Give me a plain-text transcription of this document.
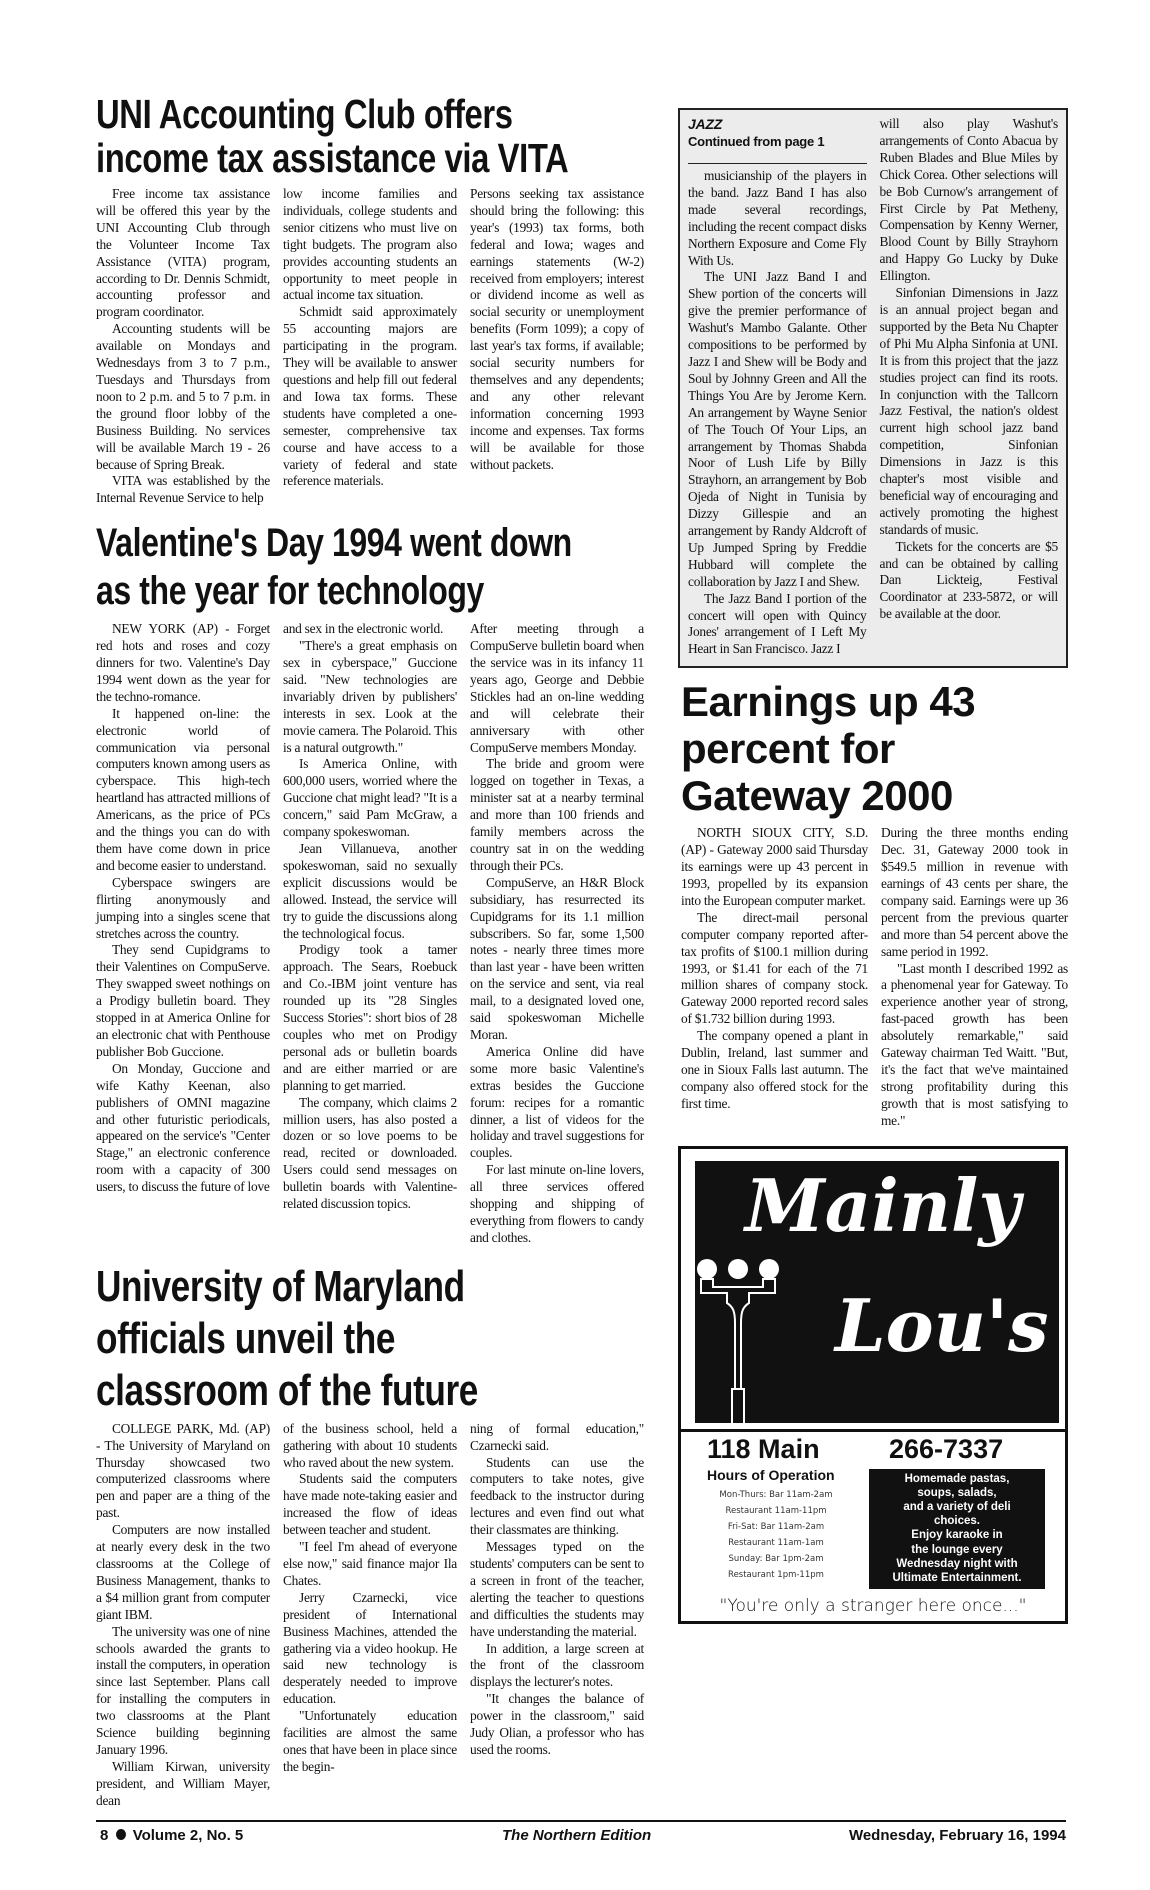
UNI Accounting Club offers
income tax assistance via VITA

Free income tax assistance will be offered this year by the UNI Accounting Club through the Volunteer Income Tax Assistance (VITA) program, according to Dr. Dennis Schmidt, accounting professor and program coordinator.

Accounting students will be available on Mondays and Wednesdays from 3 to 7 p.m., Tuesdays and Thursdays from noon to 2 p.m. and 5 to 7 p.m. in the ground floor lobby of the Business Building. No services will be available March 19 - 26 because of Spring Break.

VITA was established by the Internal Revenue Service to help

low income families and individuals, college students and senior citizens who must live on tight budgets. The program also provides accounting students an opportunity to meet people in actual income tax situation.

Schmidt said approximately 55 accounting majors are participating in the program. They will be available to answer questions and help fill out federal and Iowa tax forms. These students have completed a one-semester, comprehensive tax course and have access to a variety of federal and state reference materials.

Persons seeking tax assistance should bring the following: this year's (1993) tax forms, both federal and Iowa; wages and earnings statements (W-2) received from employers; interest or dividend income as well as social security or unemployment benefits (Form 1099); a copy of last year's tax forms, if available; social security numbers for themselves and any dependents; and any other relevant information concerning 1993 income and expenses. Tax forms will be available for those without packets.

Valentine's Day 1994 went down
as the year for technology

NEW YORK (AP) - Forget red hots and roses and cozy dinners for two. Valentine's Day 1994 went down as the year for the techno-romance.

It happened on-line: the electronic world of communication via personal computers known among users as cyberspace. This high-tech heartland has attracted millions of Americans, as the price of PCs and the things you can do with them have come down in price and become easier to understand.

Cyberspace swingers are flirting anonymously and jumping into a singles scene that stretches across the country.

They send Cupidgrams to their Valentines on CompuServe. They swapped sweet nothings on a Prodigy bulletin board. They stopped in at America Online for an electronic chat with Penthouse publisher Bob Guccione.

On Monday, Guccione and wife Kathy Keenan, also publishers of OMNI magazine and other futuristic periodicals, appeared on the service's "Center Stage," an electronic conference room with a capacity of 300 users, to discuss the future of love

and sex in the electronic world.

"There's a great emphasis on sex in cyberspace," Guccione said. "New technologies are invariably driven by publishers' interests in sex. Look at the movie camera. The Polaroid. This is a natural outgrowth."

Is America Online, with 600,000 users, worried where the Guccione chat might lead? "It is a concern," said Pam McGraw, a company spokeswoman.

Jean Villanueva, another spokeswoman, said no sexually explicit discussions would be allowed. Instead, the service will try to guide the discussions along the technological focus.

Prodigy took a tamer approach. The Sears, Roebuck and Co.-IBM joint venture has rounded up its "28 Singles Success Stories": short bios of 28 couples who met on Prodigy personal ads or bulletin boards and are either married or are planning to get married.

The company, which claims 2 million users, has also posted a dozen or so love poems to be read, recited or downloaded. Users could send messages on bulletin boards with Valentine-related discussion topics.

After meeting through a CompuServe bulletin board when the service was in its infancy 11 years ago, George and Debbie Stickles had an on-line wedding and will celebrate their anniversary with other CompuServe members Monday.

The bride and groom were logged on together in Texas, a minister sat at a nearby terminal and more than 100 friends and family members across the country sat in on the wedding through their PCs.

CompuServe, an H&R Block subsidiary, has resurrected its Cupidgrams for its 1.1 million subscribers. So far, some 1,500 notes - nearly three times more than last year - have been written on the service and sent, via real mail, to a designated loved one, said spokeswoman Michelle Moran.

America Online did have some more basic Valentine's extras besides the Guccione forum: recipes for a romantic dinner, a list of videos for the holiday and travel suggestions for couples.

For last minute on-line lovers, all three services offered shopping and shipping of everything from flowers to candy and clothes.

University of Maryland
officials unveil the
classroom of the future

COLLEGE PARK, Md. (AP) - The University of Maryland on Thursday showcased two computerized classrooms where pen and paper are a thing of the past.

Computers are now installed at nearly every desk in the two classrooms at the College of Business Management, thanks to a $4 million grant from computer giant IBM.

The university was one of nine schools awarded the grants to install the computers, in operation since last September. Plans call for installing the computers in two classrooms at the Plant Science building beginning January 1996.

William Kirwan, university president, and William Mayer, dean

of the business school, held a gathering with about 10 students who raved about the new system.

Students said the computers have made note-taking easier and increased the flow of ideas between teacher and student.

"I feel I'm ahead of everyone else now," said finance major Ila Chates.

Jerry Czarnecki, vice president of International Business Machines, attended the gathering via a video hookup. He said new technology is desperately needed to improve education.

"Unfortunately education facilities are almost the same ones that have been in place since the begin-

ning of formal education," Czarnecki said.

Students can use the computers to take notes, give feedback to the instructor during lectures and even find out what their classmates are thinking.

Messages typed on the students' computers can be sent to a screen in front of the teacher, alerting the teacher to questions and difficulties the students may have understanding the material.

In addition, a large screen at the front of the classroom displays the lecturer's notes.

"It changes the balance of power in the classroom," said Judy Olian, a professor who has used the rooms.

JAZZ
Continued from page 1

musicianship of the players in the band. Jazz Band I has also made several recordings, including the recent compact disks Northern Exposure and Come Fly With Us.

The UNI Jazz Band I and Shew portion of the concerts will give the premier performance of Washut's Mambo Galante. Other compositions to be performed by Jazz I and Shew will be Body and Soul by Johnny Green and All the Things You Are by Jerome Kern. An arrangement by Wayne Senior of The Touch Of Your Lips, an arrangement by Thomas Shabda Noor of Lush Life by Billy Strayhorn, an arrangement by Bob Ojeda of Night in Tunisia by Dizzy Gillespie and an arrangement by Randy Aldcroft of Up Jumped Spring by Freddie Hubbard will complete the collaboration by Jazz I and Shew.

The Jazz Band I portion of the concert will open with Quincy Jones' arrangement of I Left My Heart in San Francisco. Jazz I

will also play Washut's arrangements of Conto Abacua by Ruben Blades and Blue Miles by Chick Corea. Other selections will be Bob Curnow's arrangement of First Circle by Pat Metheny, Compensation by Kenny Werner, Blood Count by Billy Strayhorn and Happy Go Lucky by Duke Ellington.

Sinfonian Dimensions in Jazz is an annual project began and supported by the Beta Nu Chapter of Phi Mu Alpha Sinfonia at UNI. It is from this project that the jazz studies project can find its roots. In conjunction with the Tallcorn Jazz Festival, the nation's oldest current high school jazz band competition, Sinfonian Dimensions in Jazz is this chapter's most visible and beneficial way of encouraging and actively promoting the highest standards of music.

Tickets for the concerts are $5 and can be obtained by calling Dan Lickteig, Festival Coordinator at 233-5872, or will be available at the door.

Earnings up 43
percent for
Gateway 2000

NORTH SIOUX CITY, S.D. (AP) - Gateway 2000 said Thursday its earnings were up 43 percent in 1993, propelled by its expansion into the European computer market.

The direct-mail personal computer company reported after-tax profits of $100.1 million during 1993, or $1.41 for each of the 71 million shares of company stock. Gateway 2000 reported record sales of $1.732 billion during 1993.

The company opened a plant in Dublin, Ireland, last summer and one in Sioux Falls last autumn. The company also offered stock for the first time.

During the three months ending Dec. 31, Gateway 2000 took in $549.5 million in revenue with earnings of 43 cents per share, the company said. Earnings were up 36 percent from the previous quarter and more than 54 percent above the same period in 1992.

"Last month I described 1992 as a phenomenal year for Gateway. To experience another year of strong, fast-paced growth has been absolutely remarkable," said Gateway chairman Ted Waitt. "But, it's the fact that we've maintained strong profitability during this growth that is most satisfying to me."

Mainly
Lou's
118 Main	266-7337
Hours of Operation
Mon-Thurs: Bar 11am-2am
Restaurant 11am-11pm
Fri-Sat: Bar 11am-2am
Restaurant 11am-1am
Sunday: Bar 1pm-2am
Restaurant 1pm-11pm
Homemade pastas,
soups, salads,
and a variety of deli
choices.
Enjoy karaoke in
the lounge every
Wednesday night with
Ultimate Entertainment.
"You're only a stranger here once..."
8 Volume 2, No. 5	The Northern Edition	Wednesday, February 16, 1994
